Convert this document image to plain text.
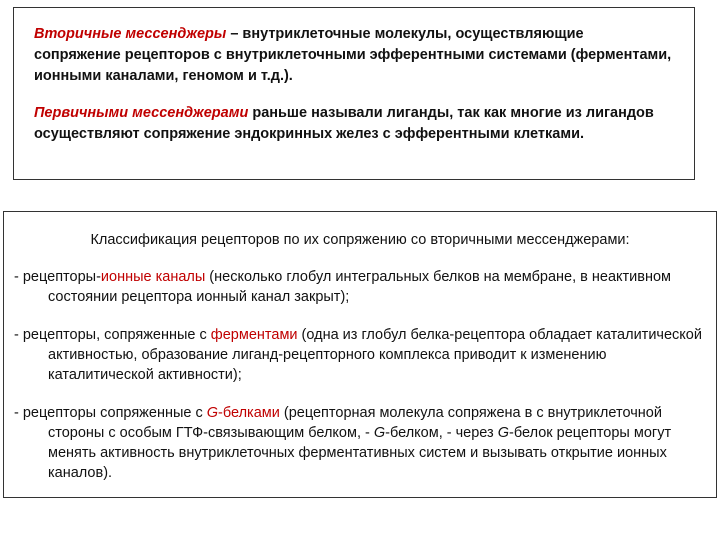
Вторичные мессенджеры – внутриклеточные молекулы, осуществляющие сопряжение рецепторов с внутриклеточными эфферентными системами (ферментами, ионными каналами, геномом и т.д.).

Первичными мессенджерами раньше называли лиганды, так как многие из лигандов осуществляют сопряжение эндокринных желез с эфферентными клетками.

Классификация рецепторов по их сопряжению со вторичными мессенджерами:

- рецепторы-ионные каналы (несколько глобул интегральных белков на мембране, в неактивном состоянии рецептора ионный канал закрыт);

- рецепторы, сопряженные с ферментами (одна из глобул белка-рецептора обладает каталитической активностью, образование лиганд-рецепторного комплекса приводит к изменению каталитической активности);

- рецепторы сопряженные с G-белками (рецепторная молекула сопряжена в с внутриклеточной стороны с особым ГТФ-связывающим белком, - G-белком, - через G-белок рецепторы могут менять активность внутриклеточных ферментативных систем и вызывать открытие ионных каналов).
